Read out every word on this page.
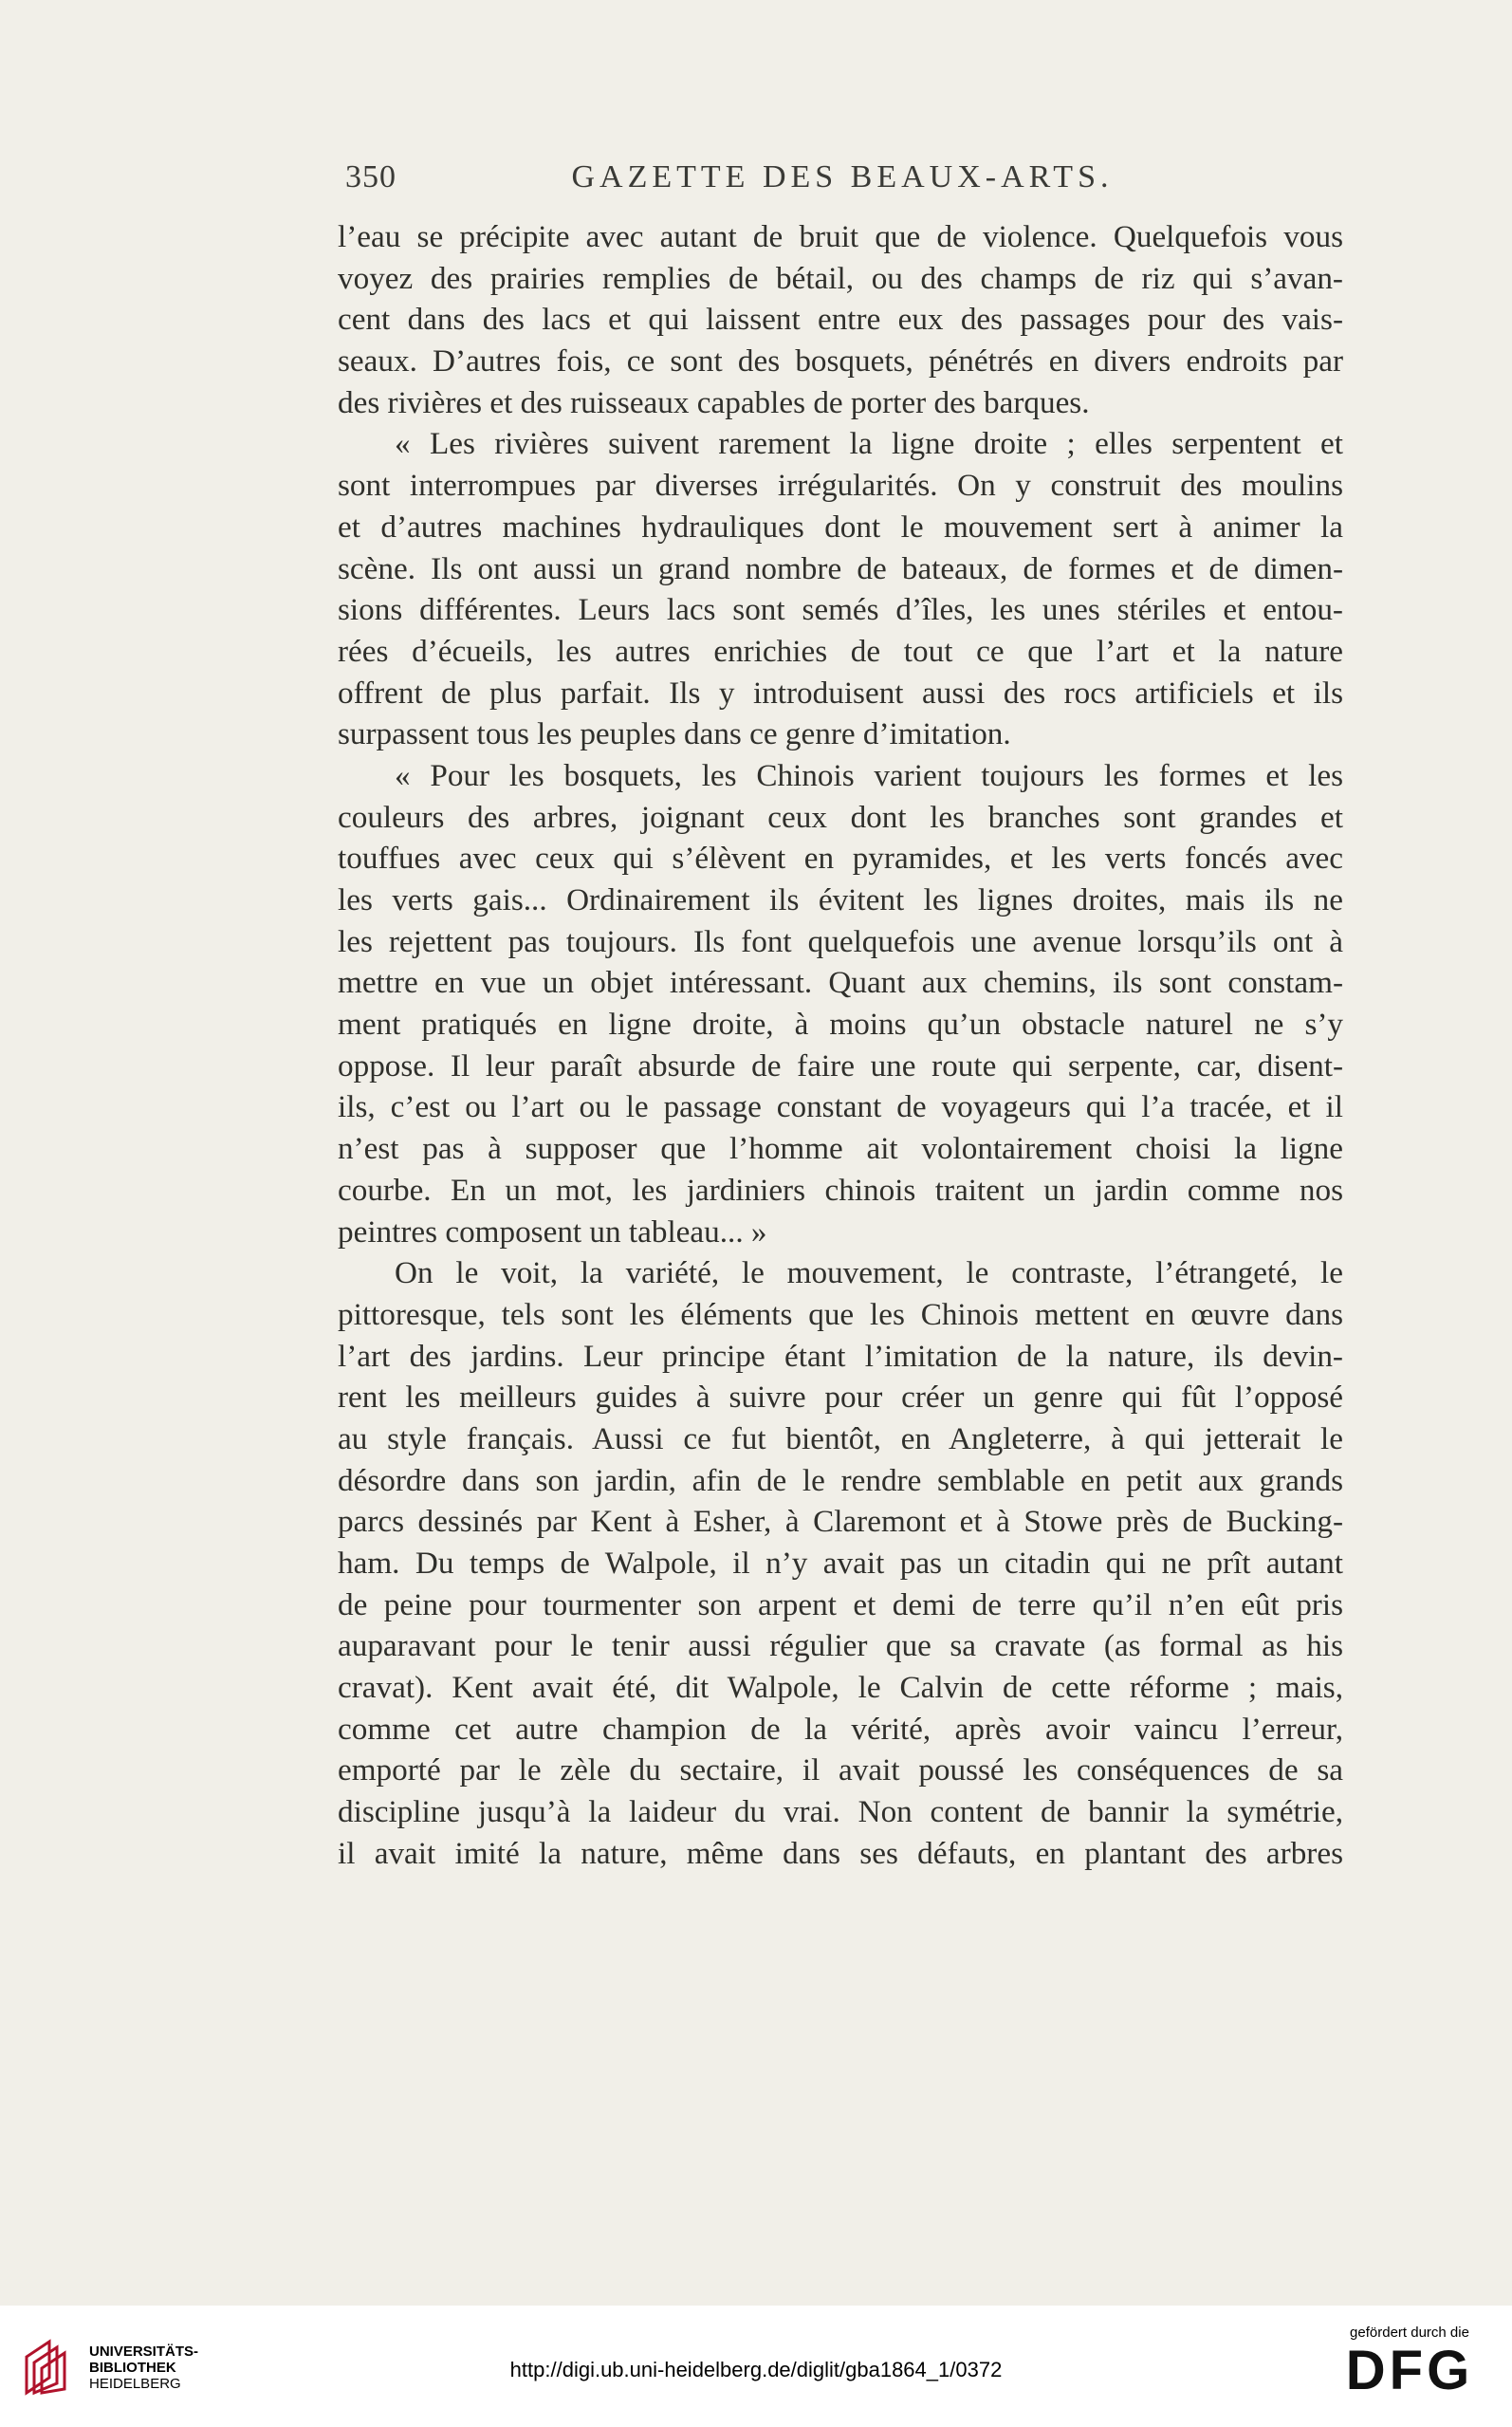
350	GAZETTE DES BEAUX-ARTS.
l’eau se précipite avec autant de bruit que de violence. Quelquefois vous
voyez des prairies remplies de bétail, ou des champs de riz qui s’avan-
cent dans des lacs et qui laissent entre eux des passages pour des vais-
seaux. D’autres fois, ce sont des bosquets, pénétrés en divers endroits par
des rivières et des ruisseaux capables de porter des barques.
« Les rivières suivent rarement la ligne droite ; elles serpentent et
sont interrompues par diverses irrégularités. On y construit des moulins
et d’autres machines hydrauliques dont le mouvement sert à animer la
scène. Ils ont aussi un grand nombre de bateaux, de formes et de dimen-
sions différentes. Leurs lacs sont semés d’îles, les unes stériles et entou-
rées d’écueils, les autres enrichies de tout ce que l’art et la nature
offrent de plus parfait. Ils y introduisent aussi des rocs artificiels et ils
surpassent tous les peuples dans ce genre d’imitation.
« Pour les bosquets, les Chinois varient toujours les formes et les
couleurs des arbres, joignant ceux dont les branches sont grandes et
touffues avec ceux qui s’élèvent en pyramides, et les verts foncés avec
les verts gais... Ordinairement ils évitent les lignes droites, mais ils ne
les rejettent pas toujours. Ils font quelquefois une avenue lorsqu’ils ont à
mettre en vue un objet intéressant. Quant aux chemins, ils sont constam-
ment pratiqués en ligne droite, à moins qu’un obstacle naturel ne s’y
oppose. Il leur paraît absurde de faire une route qui serpente, car, disent-
ils, c’est ou l’art ou le passage constant de voyageurs qui l’a tracée, et il
n’est pas à supposer que l’homme ait volontairement choisi la ligne
courbe. En un mot, les jardiniers chinois traitent un jardin comme nos
peintres composent un tableau... »
On le voit, la variété, le mouvement, le contraste, l’étrangeté, le
pittoresque, tels sont les éléments que les Chinois mettent en œuvre dans
l’art des jardins. Leur principe étant l’imitation de la nature, ils devin-
rent les meilleurs guides à suivre pour créer un genre qui fût l’opposé
au style français. Aussi ce fut bientôt, en Angleterre, à qui jetterait le
désordre dans son jardin, afin de le rendre semblable en petit aux grands
parcs dessinés par Kent à Esher, à Claremont et à Stowe près de Bucking-
ham. Du temps de Walpole, il n’y avait pas un citadin qui ne prît autant
de peine pour tourmenter son arpent et demi de terre qu’il n’en eût pris
auparavant pour le tenir aussi régulier que sa cravate (as formal as his
cravat). Kent avait été, dit Walpole, le Calvin de cette réforme ; mais,
comme cet autre champion de la vérité, après avoir vaincu l’erreur,
emporté par le zèle du sectaire, il avait poussé les conséquences de sa
discipline jusqu’à la laideur du vrai. Non content de bannir la symétrie,
il avait imité la nature, même dans ses défauts, en plantant des arbres
UNIVERSITÄTS-
BIBLIOTHEK
HEIDELBERG
http://digi.ub.uni-heidelberg.de/diglit/gba1864_1/0372
gefördert durch die
DFG
